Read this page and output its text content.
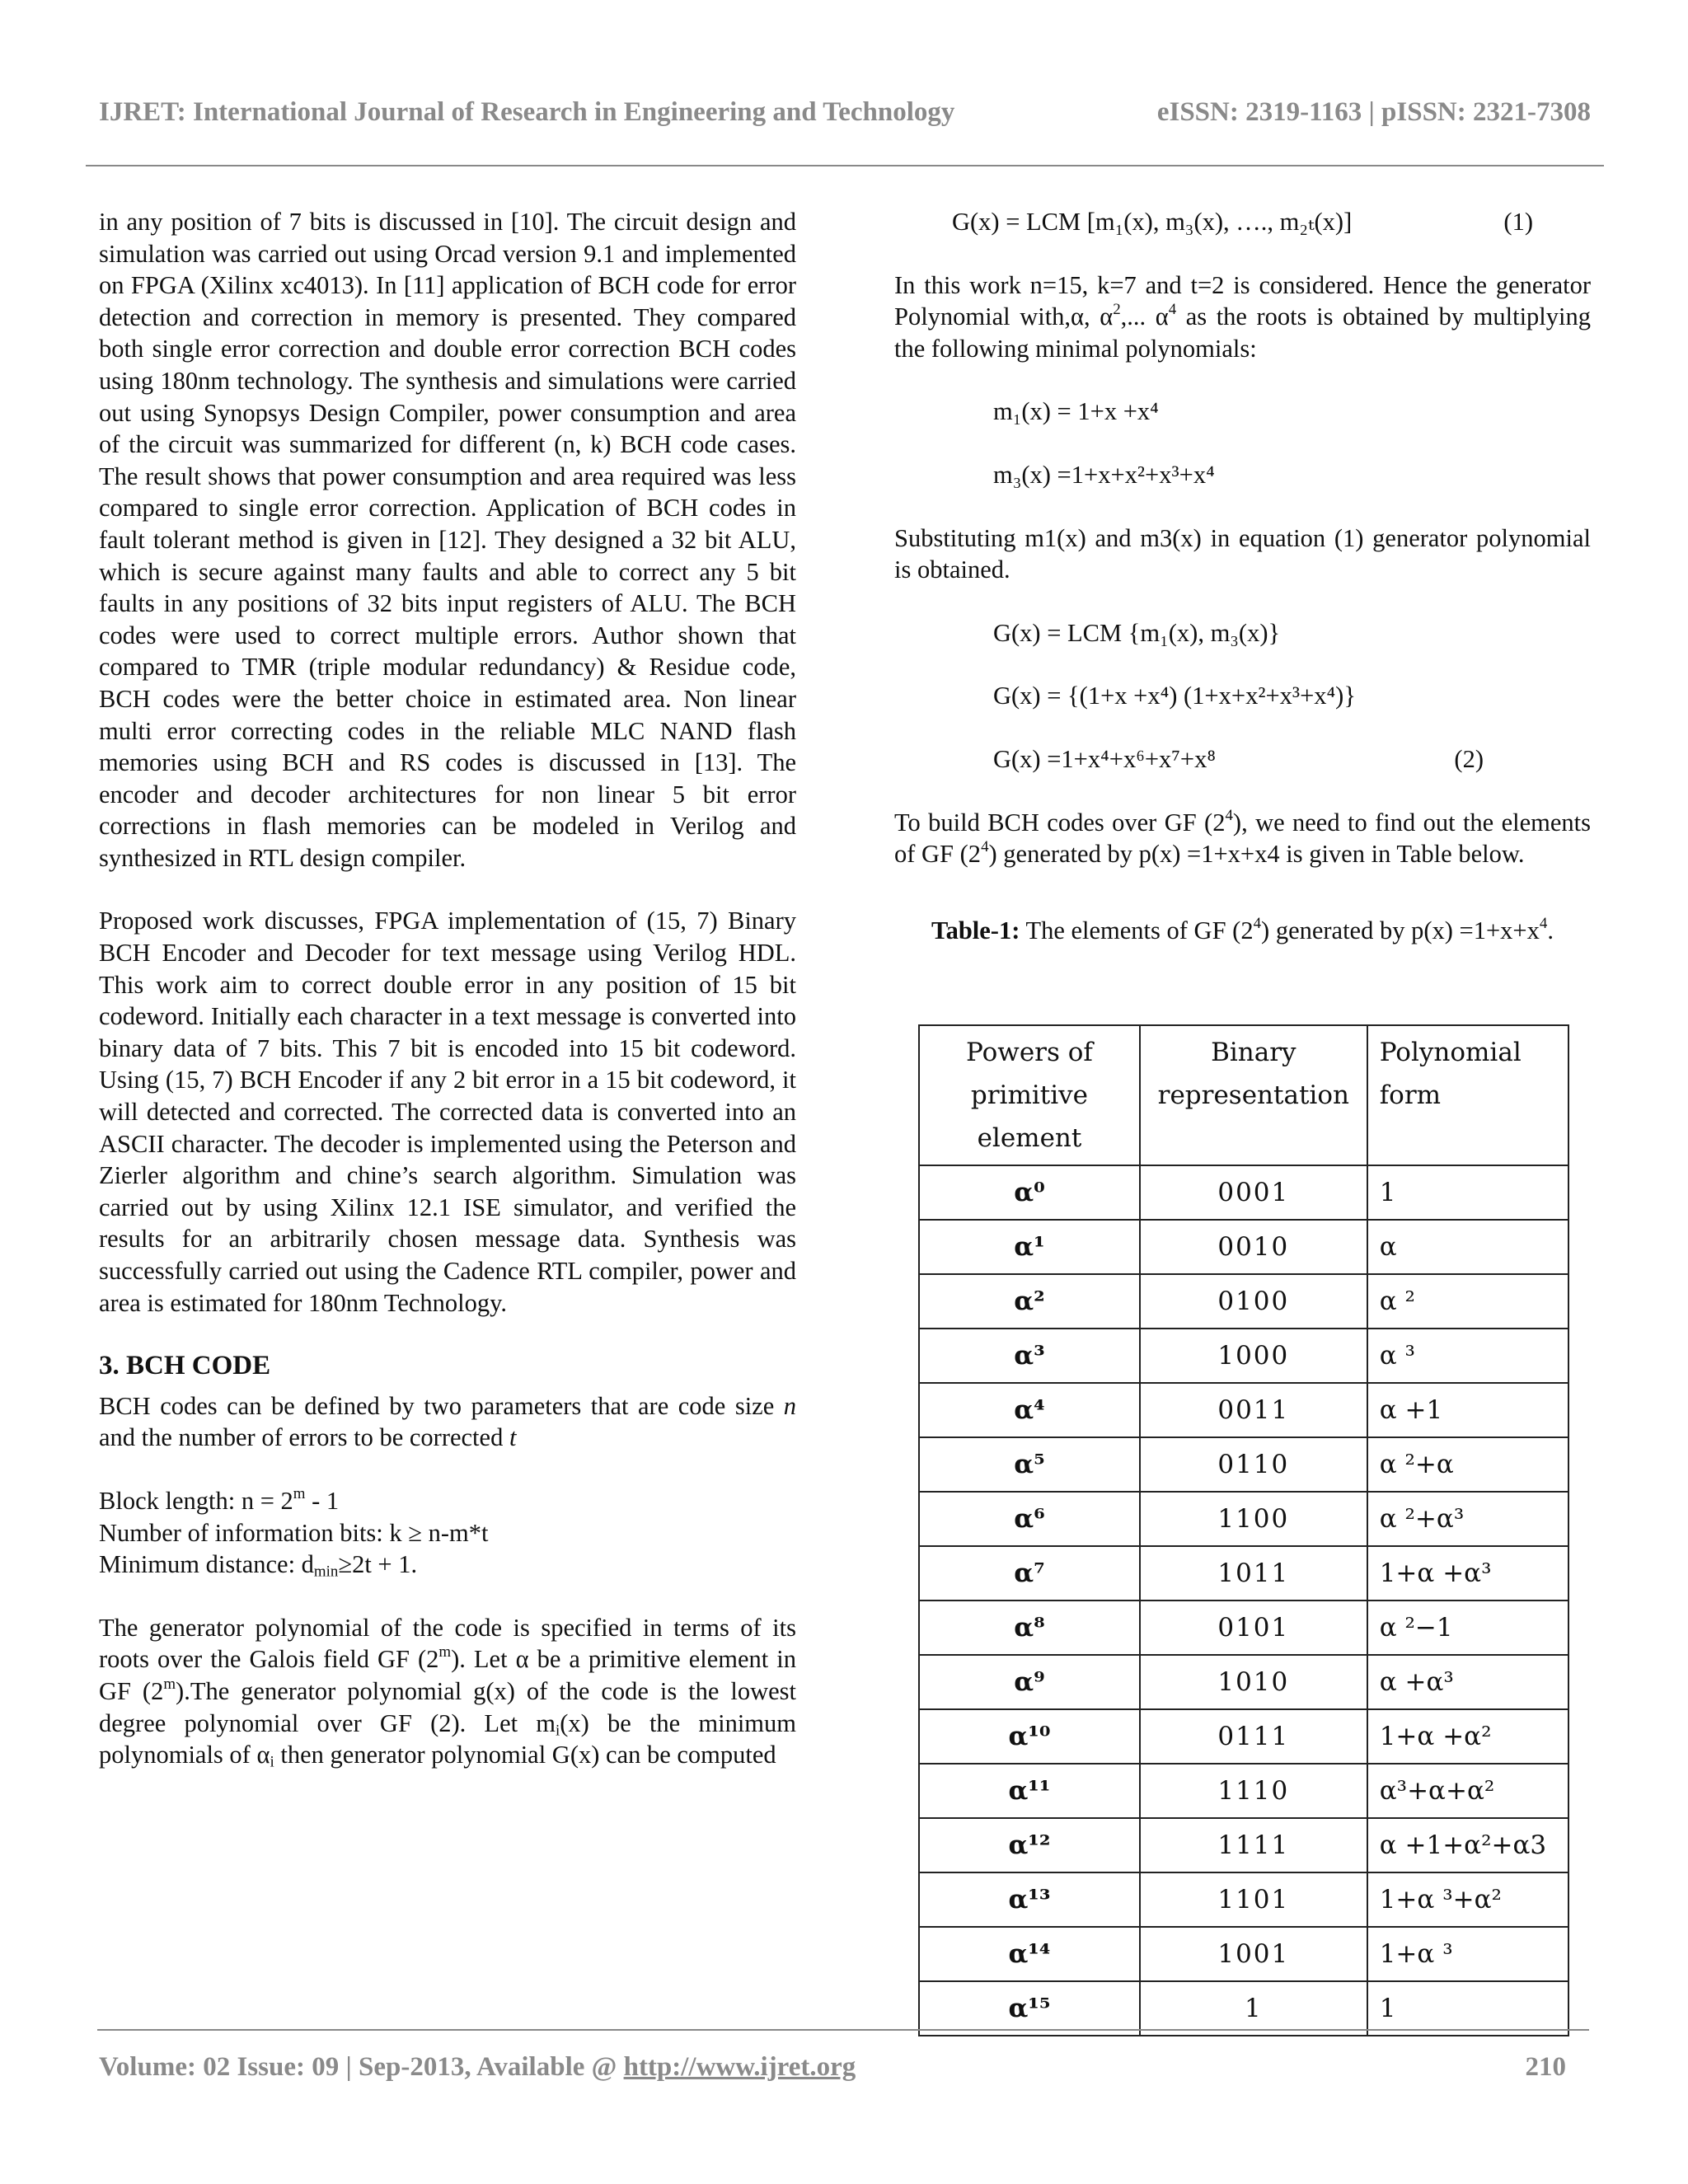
IJRET: International Journal of Research in Engineering and Technology	eISSN: 2319-1163 | pISSN: 2321-7308

in any position of 7 bits is discussed in [10]. The circuit design and simulation was carried out using Orcad version 9.1 and implemented on FPGA (Xilinx xc4013). In [11] application of BCH code for error detection and correction in memory is presented. They compared both single error correction and double error correction BCH codes using 180nm technology. The synthesis and simulations were carried out using Synopsys Design Compiler, power consumption and area of the circuit was summarized for different (n, k) BCH code cases. The result shows that power consumption and area required was less compared to single error correction. Application of BCH codes in fault tolerant method is given in [12]. They designed a 32 bit ALU, which is secure against many faults and able to correct any 5 bit faults in any positions of 32 bits input registers of ALU. The BCH codes were used to correct multiple errors. Author shown that compared to TMR (triple modular redundancy) & Residue code, BCH codes were the better choice in estimated area. Non linear multi error correcting codes in the reliable MLC NAND flash memories using BCH and RS codes is discussed in [13]. The encoder and decoder architectures for non linear 5 bit error corrections in flash memories can be modeled in Verilog and synthesized in RTL design compiler.

Proposed work discusses, FPGA implementation of (15, 7) Binary BCH Encoder and Decoder for text message using Verilog HDL. This work aim to correct double error in any position of 15 bit codeword. Initially each character in a text message is converted into binary data of 7 bits. This 7 bit is encoded into 15 bit codeword. Using (15, 7) BCH Encoder if any 2 bit error in a 15 bit codeword, it will detected and corrected. The corrected data is converted into an ASCII character. The decoder is implemented using the Peterson and Zierler algorithm and chine’s search algorithm. Simulation was carried out by using Xilinx 12.1 ISE simulator, and verified the results for an arbitrarily chosen message data. Synthesis was successfully carried out using the Cadence RTL compiler, power and area is estimated for 180nm Technology.

3. BCH CODE

BCH codes can be defined by two parameters that are code size n and the number of errors to be corrected t

Block length: $n = 2^m - 1$

Number of information bits: k ≥ n-m*t

Minimum distance: $d_{min}\ge 2t + 1$.

The generator polynomial of the code is specified in terms of its roots over the Galois field GF (2$^m$). Let α be a primitive element in GF (2$^m$).The generator polynomial g(x) of the code is the lowest degree polynomial over GF (2). Let $m_i(x)$ be the minimum polynomials of $\alpha_i$ then generator polynomial G(x) can be computed

G(x) = LCM [m₁(x), m₃(x), …., m₂ₜ(x)]	(1)

In this work n=15, k=7 and t=2 is considered. Hence the generator Polynomial with,α, $\alpha^2$,... $\alpha^4$ as the roots is obtained by multiplying the following minimal polynomials:

m₁(x) = 1+x +x⁴

m₃(x) =1+x+x²+x³+x⁴

Substituting m1(x) and m3(x) in equation (1) generator polynomial is obtained.

G(x) = LCM {m₁(x), m₃(x)}

G(x) = {(1+x +x⁴) (1+x+x²+x³+x⁴)}

G(x) =1+x⁴+x⁶+x⁷+x⁸	(2)

To build BCH codes over GF $(2^4)$, we need to find out the elements of GF $(2^4)$ generated by p(x) =1+x+x4 is given in Table below.

Table-1: The elements of GF $(2^4)$ generated by $p(x) =1+x+x^4$.

Powers of primitive element	Binary representation	Polynomial form
α⁰	0001	1
α¹	0010	α
α²	0100	α ²
α³	1000	α ³
α⁴	0011	α +1
α⁵	0110	α ²+α
α⁶	1100	α ²+α³
α⁷	1011	1+α +α³
α⁸	0101	α ²−1
α⁹	1010	α +α³
α¹⁰	0111	1+α +α²
α¹¹	1110	α³+α+α²
α¹²	1111	α +1+α²+α3
α¹³	1101	1+α ³+α²
α¹⁴	1001	1+α ³
α¹⁵	1	1
Volume: 02 Issue: 09 | Sep-2013, Available @ http://www.ijret.org	210
